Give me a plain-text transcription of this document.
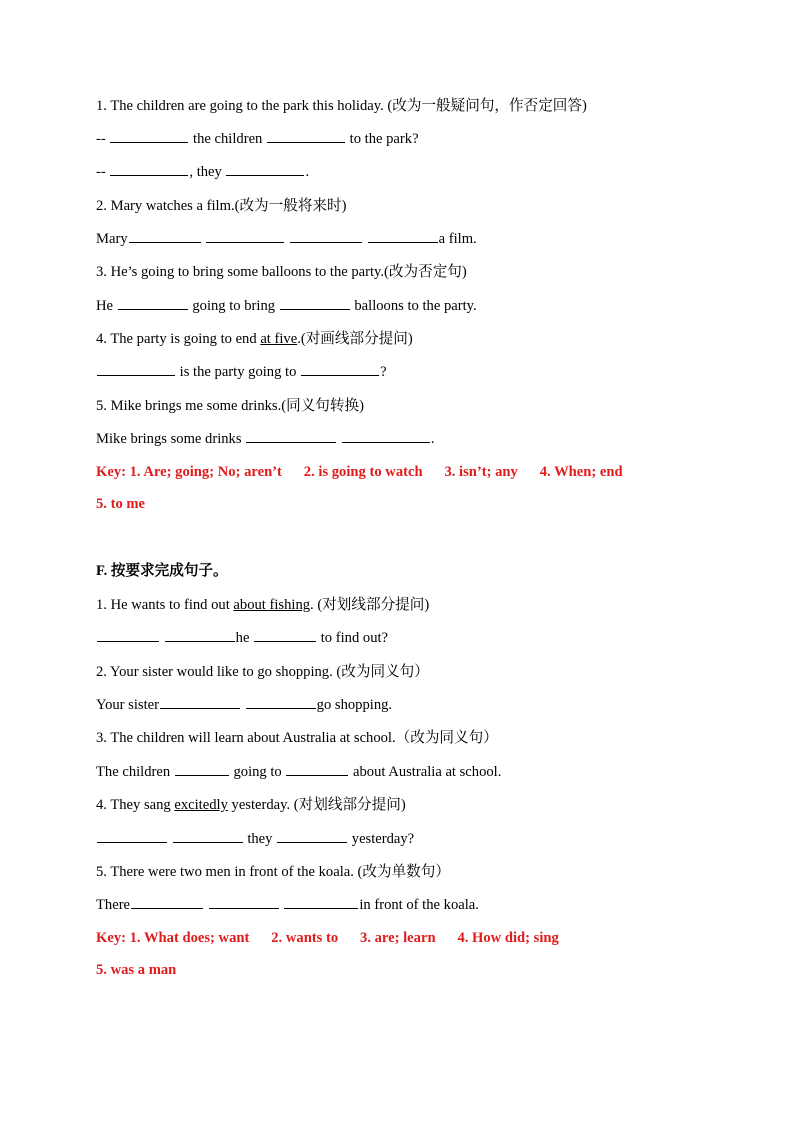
1. The children are going to the park this holiday. (改为一般疑问句，作否定回答)
--	the children	to the park?
--	, they	.
2. Mary watches a film.(改为一般将来时)
Mary	a film.
3. He’s going to bring some balloons to the party.(改为否定句)
He	going to bring	balloons to the party.
4. The party is going to end at five.(对画线部分提问)
is the party going to	?
5. Mike brings me some drinks.(同义句转换)
Mike brings some drinks	.
Key: 1. Are; going; No; aren’t      2. is going to watch      3. isn’t; any      4. When; end
5. to me
F. 按要求完成句子。
1. He wants to find out about fishing. (对划线部分提问)
he	to find out?
2. Your sister would like to go shopping. (改为同义句）
Your sister	go shopping.
3. The children will learn about Australia at school.（改为同义句）
The children	going to	about Australia at school.
4. They sang excitedly yesterday. (对划线部分提问)
they	yesterday?
5. There were two men in front of the koala. (改为单数句）
There	in front of the koala.
Key: 1. What does; want      2. wants to      3. are; learn      4. How did; sing
5. was a man
